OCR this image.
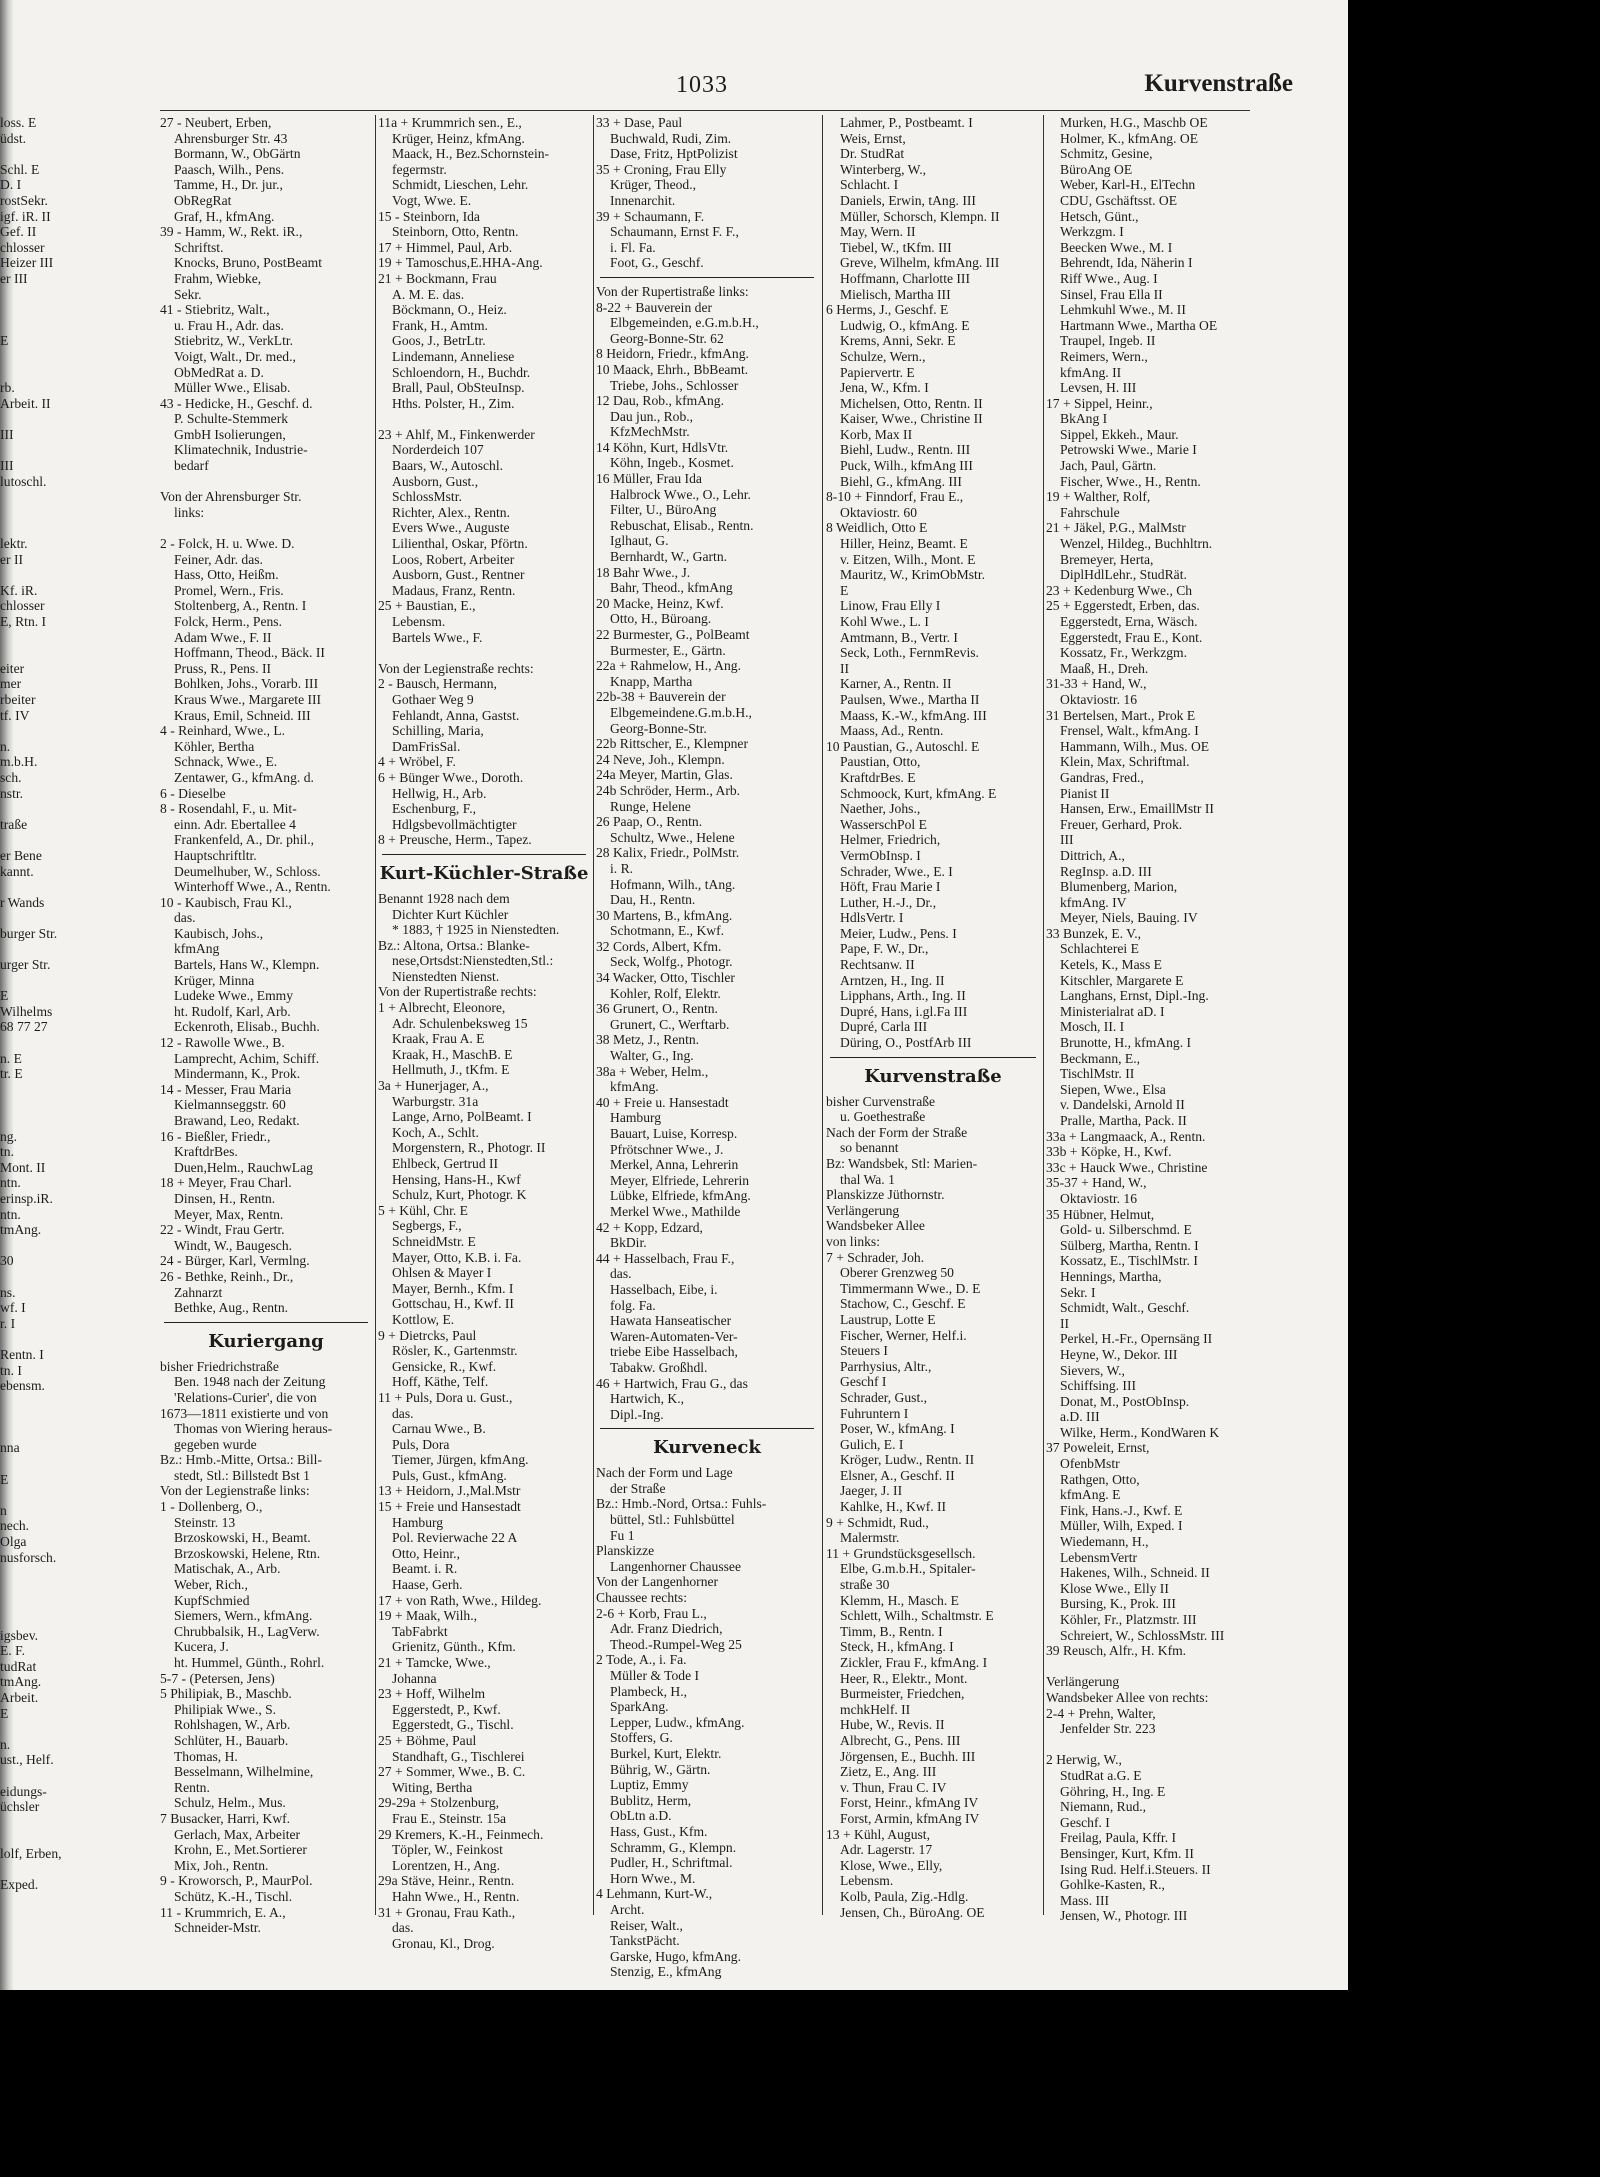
1033	Kurvenstraße
loss. E
üdst.

Schl. E
D. I
rostSekr.
igf. iR. II
Gef. II
chlosser
Heizer III
er III

E

rb.
Arbeit. II

III

III
lutoschl.

lektr.
er II

Kf. iR.
chlosser
E, Rtn. I

eiter
mer
rbeiter
tf. IV

n.
m.b.H.
sch.
nstr.

traße

er Bene
kannt.

r Wands

burger Str.

urger Str.

E
Wilhelms
68 77 27

n. E
tr. E

ng.
tn.
Mont. II
ntn.
erinsp.iR.
ntn.
tmAng.

30

ns.
wf. I
r. I

Rentn. I
tn. I
ebensm.

nna

E

n
nech.
Olga
nusforsch.

igsbev.
E. F.
tudRat
tmAng.
Arbeit.
E

n.
ust., Helf.

eidungs-
üchsler

lolf, Erben,

Exped.
27 - Neubert, Erben,
Ahrensburger Str. 43
Bormann, W., ObGärtn
Paasch, Wilh., Pens.
Tamme, H., Dr. jur.,
ObRegRat
Graf, H., kfmAng.
39 - Hamm, W., Rekt. iR.,
Schriftst.
Knocks, Bruno, PostBeamt
Frahm, Wiebke,
Sekr.
41 - Stiebritz, Walt.,
u. Frau H., Adr. das.
Stiebritz, W., VerkLtr.
Voigt, Walt., Dr. med.,
ObMedRat a. D.
Müller Wwe., Elisab.
43 - Hedicke, H., Geschf. d.
P. Schulte-Stemmerk
GmbH Isolierungen,
Klimatechnik, Industrie-
bedarf

Von der Ahrensburger Str.
links:

2 - Folck, H. u. Wwe. D.
Feiner, Adr. das.
Hass, Otto, Heißm.
Promel, Wern., Fris.
Stoltenberg, A., Rentn. I
Folck, Herm., Pens.
Adam Wwe., F. II
Hoffmann, Theod., Bäck. II
Pruss, R., Pens. II
Bohlken, Johs., Vorarb. III
Kraus Wwe., Margarete III
Kraus, Emil, Schneid. III
4 - Reinhard, Wwe., L.
Köhler, Bertha
Schnack, Wwe., E.
Zentawer, G., kfmAng. d.
6 - Dieselbe
8 - Rosendahl, F., u. Mit-
einn. Adr. Ebertallee 4
Frankenfeld, A., Dr. phil.,
Hauptschriftltr.
Deumelhuber, W., Schloss.
Winterhoff Wwe., A., Rentn.
10 - Kaubisch, Frau Kl.,
das.
Kaubisch, Johs.,
kfmAng
Bartels, Hans W., Klempn.
Krüger, Minna
Ludeke Wwe., Emmy
ht. Rudolf, Karl, Arb.
Eckenroth, Elisab., Buchh.
12 - Rawolle Wwe., B.
Lamprecht, Achim, Schiff.
Mindermann, K., Prok.
14 - Messer, Frau Maria
Kielmannseggstr. 60
Brawand, Leo, Redakt.
16 - Bießler, Friedr.,
KraftdrBes.
Duen,Helm., RauchwLag
18 + Meyer, Frau Charl.
Dinsen, H., Rentn.
Meyer, Max, Rentn.
22 - Windt, Frau Gertr.
Windt, W., Baugesch.
24 - Bürger, Karl, Vermlng.
26 - Bethke, Reinh., Dr.,
Zahnarzt
Bethke, Aug., Rentn.
Kuriergang
bisher Friedrichstraße
Ben. 1948 nach der Zeitung
'Relations-Curier', die von
1673—1811 existierte und von
Thomas von Wiering heraus-
gegeben wurde
Bz.: Hmb.-Mitte, Ortsa.: Bill-
stedt, Stl.: Billstedt Bst 1
Von der Legienstraße links:
1 - Dollenberg, O.,
Steinstr. 13
Brzoskowski, H., Beamt.
Brzoskowski, Helene, Rtn.
Matischak, A., Arb.
Weber, Rich.,
KupfSchmied
Siemers, Wern., kfmAng.
Chrubbalsik, H., LagVerw.
Kucera, J.
ht. Hummel, Günth., Rohrl.
5-7 - (Petersen, Jens)
5 Philipiak, B., Maschb.
Philipiak Wwe., S.
Rohlshagen, W., Arb.
Schlüter, H., Bauarb.
Thomas, H.
Besselmann, Wilhelmine,
Rentn.
Schulz, Helm., Mus.
7 Busacker, Harri, Kwf.
Gerlach, Max, Arbeiter
Krohn, E., Met.Sortierer
Mix, Joh., Rentn.
9 - Kroworsch, P., MaurPol.
Schütz, K.-H., Tischl.
11 - Krummrich, E. A.,
Schneider-Mstr.
11a + Krummrich sen., E.,
Krüger, Heinz, kfmAng.
Maack, H., Bez.Schornstein-
fegermstr.
Schmidt, Lieschen, Lehr.
Vogt, Wwe. E.
15 - Steinborn, Ida
Steinborn, Otto, Rentn.
17 + Himmel, Paul, Arb.
19 + Tamoschus,E.HHA-Ang.
21 + Bockmann, Frau
A. M. E. das.
Böckmann, O., Heiz.
Frank, H., Amtm.
Goos, J., BetrLtr.
Lindemann, Anneliese
Schloendorn, H., Buchdr.
Brall, Paul, ObSteuInsp.
Hths. Polster, H., Zim.

23 + Ahlf, M., Finkenwerder
Norderdeich 107
Baars, W., Autoschl.
Ausborn, Gust.,
SchlossMstr.
Richter, Alex., Rentn.
Evers Wwe., Auguste
Lilienthal, Oskar, Pförtn.
Loos, Robert, Arbeiter
Ausborn, Gust., Rentner
Madaus, Franz, Rentn.
25 + Baustian, E.,
Lebensm.
Bartels Wwe., F.

Von der Legienstraße rechts:
2 - Bausch, Hermann,
Gothaer Weg 9
Fehlandt, Anna, Gastst.
Schilling, Maria,
DamFrisSal.
4 + Wröbel, F.
6 + Bünger Wwe., Doroth.
Hellwig, H., Arb.
Eschenburg, F.,
Hdlgsbevollmächtigter
8 + Preusche, Herm., Tapez.
Kurt-Küchler-Straße
Benannt 1928 nach dem
Dichter Kurt Küchler
* 1883, † 1925 in Nienstedten.
Bz.: Altona, Ortsa.: Blanke-
nese,Ortsdst:Nienstedten,Stl.:
Nienstedten Nienst.
Von der Rupertistraße rechts:
1 + Albrecht, Eleonore,
Adr. Schulenbeksweg 15
Kraak, Frau A. E
Kraak, H., MaschB. E
Hellmuth, J., tKfm. E
3a + Hunerjager, A.,
Warburgstr. 31a
Lange, Arno, PolBeamt. I
Koch, A., Schlt.
Morgenstern, R., Photogr. II
Ehlbeck, Gertrud II
Hensing, Hans-H., Kwf
Schulz, Kurt, Photogr. K
5 + Kühl, Chr. E
Segbergs, F.,
SchneidMstr. E
Mayer, Otto, K.B. i. Fa.
Ohlsen & Mayer I
Mayer, Bernh., Kfm. I
Gottschau, H., Kwf. II
Kottlow, E.
9 + Dietrcks, Paul
Rösler, K., Gartenmstr.
Gensicke, R., Kwf.
Hoff, Käthe, Telf.
11 + Puls, Dora u. Gust.,
das.
Carnau Wwe., B.
Puls, Dora
Tiemer, Jürgen, kfmAng.
Puls, Gust., kfmAng.
13 + Heidorn, J.,Mal.Mstr
15 + Freie und Hansestadt
Hamburg
Pol. Revierwache 22 A
Otto, Heinr.,
Beamt. i. R.
Haase, Gerh.
17 + von Rath, Wwe., Hildeg.
19 + Maak, Wilh.,
TabFabrkt
Grienitz, Günth., Kfm.
21 + Tamcke, Wwe.,
Johanna
23 + Hoff, Wilhelm
Eggerstedt, P., Kwf.
Eggerstedt, G., Tischl.
25 + Böhme, Paul
Standhaft, G., Tischlerei
27 + Sommer, Wwe., B. C.
Witing, Bertha
29-29a + Stolzenburg,
Frau E., Steinstr. 15a
29 Kremers, K.-H., Feinmech.
Töpler, W., Feinkost
Lorentzen, H., Ang.
29a Stäve, Heinr., Rentn.
Hahn Wwe., H., Rentn.
31 + Gronau, Frau Kath.,
das.
Gronau, Kl., Drog.
33 + Dase, Paul
Buchwald, Rudi, Zim.
Dase, Fritz, HptPolizist
35 + Croning, Frau Elly
Krüger, Theod.,
Innenarchit.
39 + Schaumann, F.
Schaumann, Ernst F. F.,
i. Fl. Fa.
Foot, G., Geschf.
Von der Rupertistraße links:
8-22 + Bauverein der
Elbgemeinden, e.G.m.b.H.,
Georg-Bonne-Str. 62
8 Heidorn, Friedr., kfmAng.
10 Maack, Ehrh., BbBeamt.
Triebe, Johs., Schlosser
12 Dau, Rob., kfmAng.
Dau jun., Rob.,
KfzMechMstr.
14 Köhn, Kurt, HdlsVtr.
Köhn, Ingeb., Kosmet.
16 Müller, Frau Ida
Halbrock Wwe., O., Lehr.
Filter, U., BüroAng
Rebuschat, Elisab., Rentn.
Iglhaut, G.
Bernhardt, W., Gartn.
18 Bahr Wwe., J.
Bahr, Theod., kfmAng
20 Macke, Heinz, Kwf.
Otto, H., Büroang.
22 Burmester, G., PolBeamt
Burmester, E., Gärtn.
22a + Rahmelow, H., Ang.
Knapp, Martha
22b-38 + Bauverein der
Elbgemeindene.G.m.b.H.,
Georg-Bonne-Str.
22b Rittscher, E., Klempner
24 Neve, Joh., Klempn.
24a Meyer, Martin, Glas.
24b Schröder, Herm., Arb.
Runge, Helene
26 Paap, O., Rentn.
Schultz, Wwe., Helene
28 Kalix, Friedr., PolMstr.
i. R.
Hofmann, Wilh., tAng.
Dau, H., Rentn.
30 Martens, B., kfmAng.
Schotmann, E., Kwf.
32 Cords, Albert, Kfm.
Seck, Wolfg., Photogr.
34 Wacker, Otto, Tischler
Kohler, Rolf, Elektr.
36 Grunert, O., Rentn.
Grunert, C., Werftarb.
38 Metz, J., Rentn.
Walter, G., Ing.
38a + Weber, Helm.,
kfmAng.
40 + Freie u. Hansestadt
Hamburg
Bauart, Luise, Korresp.
Pfrötschner Wwe., J.
Merkel, Anna, Lehrerin
Meyer, Elfriede, Lehrerin
Lübke, Elfriede, kfmAng.
Merkel Wwe., Mathilde
42 + Kopp, Edzard,
BkDir.
44 + Hasselbach, Frau F.,
das.
Hasselbach, Eibe, i.
folg. Fa.
Hawata Hanseatischer
Waren-Automaten-Ver-
triebe Eibe Hasselbach,
Tabakw. Großhdl.
46 + Hartwich, Frau G., das
Hartwich, K.,
Dipl.-Ing.
Kurveneck
Nach der Form und Lage
der Straße
Bz.: Hmb.-Nord, Ortsa.: Fuhls-
büttel, Stl.: Fuhlsbüttel
Fu 1
Planskizze
Langenhorner Chaussee
Von der Langenhorner
Chaussee rechts:
2-6 + Korb, Frau L.,
Adr. Franz Diedrich,
Theod.-Rumpel-Weg 25
2 Tode, A., i. Fa.
Müller & Tode I
Plambeck, H.,
SparkAng.
Lepper, Ludw., kfmAng.
Stoffers, G.
Burkel, Kurt, Elektr.
Bührig, W., Gärtn.
Luptiz, Emmy
Bublitz, Herm,
ObLtn a.D.
Hass, Gust., Kfm.
Schramm, G., Klempn.
Pudler, H., Schriftmal.
Horn Wwe., M.
4 Lehmann, Kurt-W.,
Archt.
Reiser, Walt.,
TankstPächt.
Garske, Hugo, kfmAng.
Stenzig, E., kfmAng
Lahmer, P., Postbeamt. I
Weis, Ernst,
Dr. StudRat
Winterberg, W.,
Schlacht. I
Daniels, Erwin, tAng. III
Müller, Schorsch, Klempn. II
May, Wern. II
Tiebel, W., tKfm. III
Greve, Wilhelm, kfmAng. III
Hoffmann, Charlotte III
Mielisch, Martha III
6 Herms, J., Geschf. E
Ludwig, O., kfmAng. E
Krems, Anni, Sekr. E
Schulze, Wern.,
Papiervertr. E
Jena, W., Kfm. I
Michelsen, Otto, Rentn. II
Kaiser, Wwe., Christine II
Korb, Max II
Biehl, Ludw., Rentn. III
Puck, Wilh., kfmAng III
Biehl, G., kfmAng. III
8-10 + Finndorf, Frau E.,
Oktaviostr. 60
8 Weidlich, Otto E
Hiller, Heinz, Beamt. E
v. Eitzen, Wilh., Mont. E
Mauritz, W., KrimObMstr.
E
Linow, Frau Elly I
Kohl Wwe., L. I
Amtmann, B., Vertr. I
Seck, Loth., FernmRevis.
II
Karner, A., Rentn. II
Paulsen, Wwe., Martha II
Maass, K.-W., kfmAng. III
Maass, Ad., Rentn.
10 Paustian, G., Autoschl. E
Paustian, Otto,
KraftdrBes. E
Schmoock, Kurt, kfmAng. E
Naether, Johs.,
WasserschPol E
Helmer, Friedrich,
VermObInsp. I
Schrader, Wwe., E. I
Höft, Frau Marie I
Luther, H.-J., Dr.,
HdlsVertr. I
Meier, Ludw., Pens. I
Pape, F. W., Dr.,
Rechtsanw. II
Arntzen, H., Ing. II
Lipphans, Arth., Ing. II
Dupré, Hans, i.gl.Fa III
Dupré, Carla III
Düring, O., PostfArb III
Kurvenstraße
bisher Curvenstraße
u. Goethestraße
Nach der Form der Straße
so benannt
Bz: Wandsbek, Stl: Marien-
thal Wa. 1
Planskizze Jüthornstr.
Verlängerung
Wandsbeker Allee
von links:
7 + Schrader, Joh.
Oberer Grenzweg 50
Timmermann Wwe., D. E
Stachow, C., Geschf. E
Laustrup, Lotte E
Fischer, Werner, Helf.i.
Steuers I
Parrhysius, Altr.,
Geschf I
Schrader, Gust.,
Fuhruntern I
Poser, W., kfmAng. I
Gulich, E. I
Kröger, Ludw., Rentn. II
Elsner, A., Geschf. II
Jaeger, J. II
Kahlke, H., Kwf. II
9 + Schmidt, Rud.,
Malermstr.
11 + Grundstücksgesellsch.
Elbe, G.m.b.H., Spitaler-
straße 30
Klemm, H., Masch. E
Schlett, Wilh., Schaltmstr. E
Timm, B., Rentn. I
Steck, H., kfmAng. I
Zickler, Frau F., kfmAng. I
Heer, R., Elektr., Mont.
Burmeister, Friedchen,
mchkHelf. II
Hube, W., Revis. II
Albrecht, G., Pens. III
Jörgensen, E., Buchh. III
Zietz, E., Ang. III
v. Thun, Frau C. IV
Forst, Heinr., kfmAng IV
Forst, Armin, kfmAng IV
13 + Kühl, August,
Adr. Lagerstr. 17
Klose, Wwe., Elly,
Lebensm.
Kolb, Paula, Zig.-Hdlg.
Jensen, Ch., BüroAng. OE
Murken, H.G., Maschb OE
Holmer, K., kfmAng. OE
Schmitz, Gesine,
BüroAng OE
Weber, Karl-H., ElTechn
CDU, Gschäftsst. OE
Hetsch, Günt.,
Werkzgm. I
Beecken Wwe., M. I
Behrendt, Ida, Näherin I
Riff Wwe., Aug. I
Sinsel, Frau Ella II
Lehmkuhl Wwe., M. II
Hartmann Wwe., Martha OE
Traupel, Ingeb. II
Reimers, Wern.,
kfmAng. II
Levsen, H. III
17 + Sippel, Heinr.,
BkAng I
Sippel, Ekkeh., Maur.
Petrowski Wwe., Marie I
Jach, Paul, Gärtn.
Fischer, Wwe., H., Rentn.
19 + Walther, Rolf,
Fahrschule
21 + Jäkel, P.G., MalMstr
Wenzel, Hildeg., Buchhltrn.
Bremeyer, Herta,
DiplHdlLehr., StudRät.
23 + Kedenburg Wwe., Ch
25 + Eggerstedt, Erben, das.
Eggerstedt, Erna, Wäsch.
Eggerstedt, Frau E., Kont.
Kossatz, Fr., Werkzgm.
Maaß, H., Dreh.
31-33 + Hand, W.,
Oktaviostr. 16
31 Bertelsen, Mart., Prok E
Frensel, Walt., kfmAng. I
Hammann, Wilh., Mus. OE
Klein, Max, Schriftmal.
Gandras, Fred.,
Pianist II
Hansen, Erw., EmaillMstr II
Freuer, Gerhard, Prok.
III
Dittrich, A.,
RegInsp. a.D. III
Blumenberg, Marion,
kfmAng. IV
Meyer, Niels, Bauing. IV
33 Bunzek, E. V.,
Schlachterei E
Ketels, K., Mass E
Kitschler, Margarete E
Langhans, Ernst, Dipl.-Ing.
Ministerialrat aD. I
Mosch, II. I
Brunotte, H., kfmAng. I
Beckmann, E.,
TischlMstr. II
Siepen, Wwe., Elsa
v. Dandelski, Arnold II
Pralle, Martha, Pack. II
33a + Langmaack, A., Rentn.
33b + Köpke, H., Kwf.
33c + Hauck Wwe., Christine
35-37 + Hand, W.,
Oktaviostr. 16
35 Hübner, Helmut,
Gold- u. Silberschmd. E
Sülberg, Martha, Rentn. I
Kossatz, E., TischlMstr. I
Hennings, Martha,
Sekr. I
Schmidt, Walt., Geschf.
II
Perkel, H.-Fr., Opernsäng II
Heyne, W., Dekor. III
Sievers, W.,
Schiffsing. III
Donat, M., PostObInsp.
a.D. III
Wilke, Herm., KondWaren K
37 Poweleit, Ernst,
OfenbMstr
Rathgen, Otto,
kfmAng. E
Fink, Hans.-J., Kwf. E
Müller, Wilh, Exped. I
Wiedemann, H.,
LebensmVertr
Hakenes, Wilh., Schneid. II
Klose Wwe., Elly II
Bursing, K., Prok. III
Köhler, Fr., Platzmstr. III
Schreiert, W., SchlossMstr. III
39 Reusch, Alfr., H. Kfm.

Verlängerung
Wandsbeker Allee von rechts:
2-4 + Prehn, Walter,
Jenfelder Str. 223

2 Herwig, W.,
StudRat a.G. E
Göhring, H., Ing. E
Niemann, Rud.,
Geschf. I
Freilag, Paula, Kffr. I
Bensinger, Kurt, Kfm. II
Ising Rud. Helf.i.Steuers. II
Gohlke-Kasten, R.,
Mass. III
Jensen, W., Photogr. III
